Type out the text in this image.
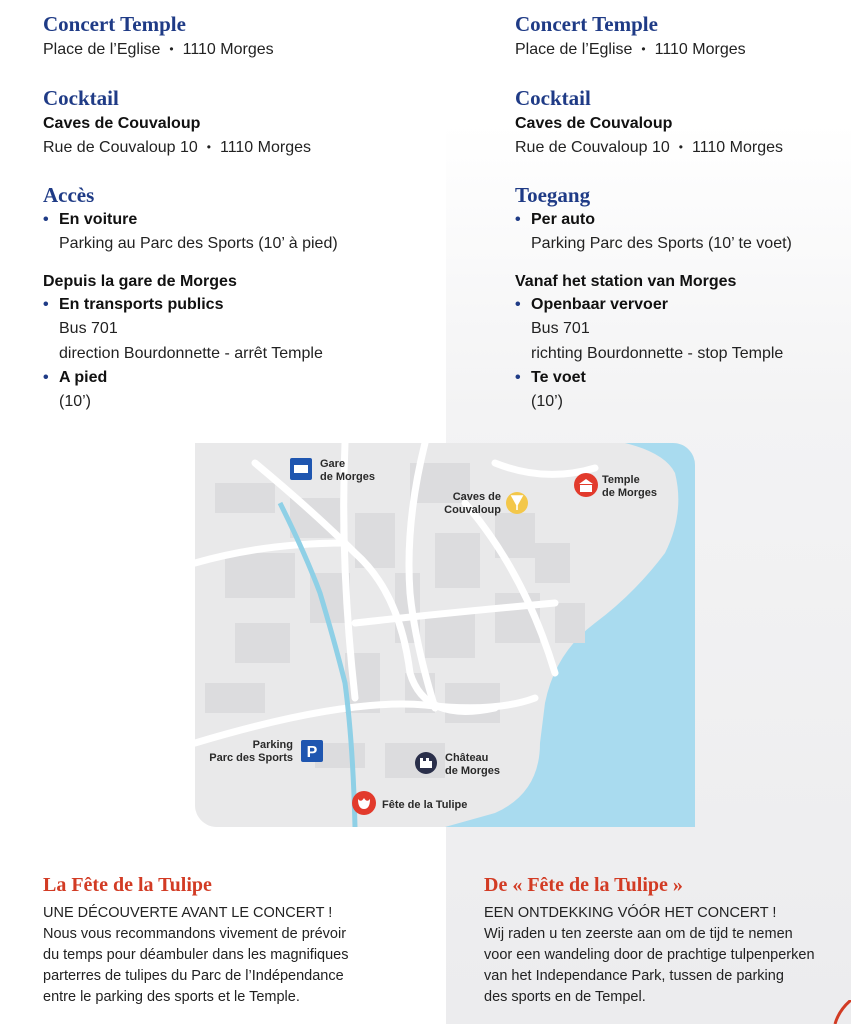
Concert Temple
Place de l’Eglise • 1110 Morges
Cocktail
Caves de Couvaloup
Rue de Couvaloup 10 • 1110 Morges
Accès
• En voiture
Parking au Parc des Sports (10’ à pied)
Depuis la gare de Morges
• En transports publics
Bus 701
direction Bourdonnette - arrêt Temple
• A pied
(10’)
Concert Temple
Place de l’Eglise • 1110 Morges
Cocktail
Caves de Couvaloup
Rue de Couvaloup 10 • 1110 Morges
Toegang
• Per auto
Parking Parc des Sports (10’ te voet)
Vanaf het station van Morges
• Openbaar vervoer
Bus 701
richting Bourdonnette - stop Temple
• Te voet
(10’)
Gare
de Morges
Caves de
Couvaloup
Temple
de Morges
Parking
Parc des Sports P	Château
de Morges
Fête de la Tulipe
La Fête de la Tulipe
UNE DÉCOUVERTE AVANT LE CONCERT !
Nous vous recommandons vivement de prévoir
du temps pour déambuler dans les magnifiques
parterres de tulipes du Parc de l’Indépendance
entre le parking des sports et le Temple.
De « Fête de la Tulipe »
EEN ONTDEKKING VÓÓR HET CONCERT !
Wij raden u ten zeerste aan om de tijd te nemen
voor een wandeling door de prachtige tulpenperken
van het Independance Park, tussen de parking
des sports en de Tempel.
